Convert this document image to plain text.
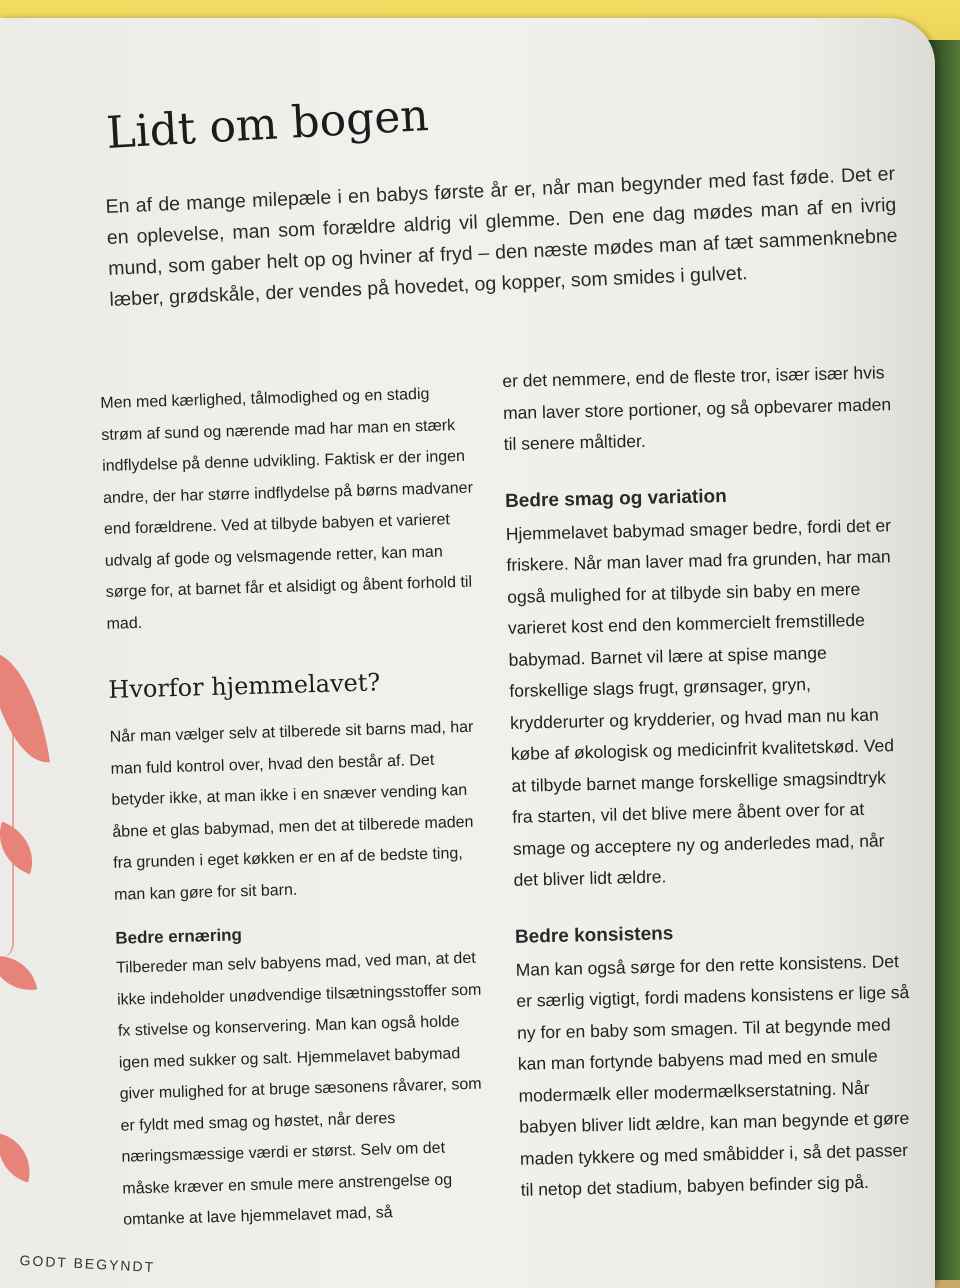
Lidt om bogen

En af de mange milepæle i en babys første år er, når man begynder med fast føde. Det er en oplevelse, man som forældre aldrig vil glemme. Den ene dag mødes man af en ivrig mund, som gaber helt op og hviner af fryd – den næste mødes man af tæt sammenknebne læber, grødskåle, der vendes på hovedet, og kopper, som smides i gulvet.

Men med kærlighed, tålmodighed og en stadig strøm af sund og nærende mad har man en stærk indflydelse på denne udvikling. Faktisk er der ingen andre, der har større indflydelse på børns madvaner end forældrene. Ved at tilbyde babyen et varieret udvalg af gode og velsmagende retter, kan man sørge for, at barnet får et alsidigt og åbent forhold til mad.

Hvorfor hjemmelavet?

Når man vælger selv at tilberede sit barns mad, har man fuld kontrol over, hvad den består af. Det betyder ikke, at man ikke i en snæver vending kan åbne et glas babymad, men det at tilberede maden fra grunden i eget køkken er en af de bedste ting, man kan gøre for sit barn.

Bedre ernæring

Tilbereder man selv babyens mad, ved man, at det ikke indeholder unødvendige tilsætningsstoffer som fx stivelse og konservering. Man kan også holde igen med sukker og salt. Hjemmelavet babymad giver mulighed for at bruge sæsonens råvarer, som er fyldt med smag og høstet, når deres næringsmæssige værdi er størst. Selv om det måske kræver en smule mere anstrengelse og omtanke at lave hjemmelavet mad, så

er det nemmere, end de fleste tror, især især hvis man laver store portioner, og så opbevarer maden til senere måltider.

Bedre smag og variation

Hjemmelavet babymad smager bedre, fordi det er friskere. Når man laver mad fra grunden, har man også mulighed for at tilbyde sin baby en mere varieret kost end den kommercielt fremstillede babymad. Barnet vil lære at spise mange forskellige slags frugt, grønsager, gryn, krydderurter og krydderier, og hvad man nu kan købe af økologisk og medicinfrit kvalitetskød. Ved at tilbyde barnet mange forskellige smagsindtryk fra starten, vil det blive mere åbent over for at smage og acceptere ny og anderledes mad, når det bliver lidt ældre.

Bedre konsistens

Man kan også sørge for den rette konsistens. Det er særlig vigtigt, fordi madens konsistens er lige så ny for en baby som smagen. Til at begynde med kan man fortynde babyens mad med en smule modermælk eller modermælkserstatning. Når babyen bliver lidt ældre, kan man begynde et gøre maden tykkere og med småbidder i, så det passer til netop det stadium, babyen befinder sig på.

GODT BEGYNDT
